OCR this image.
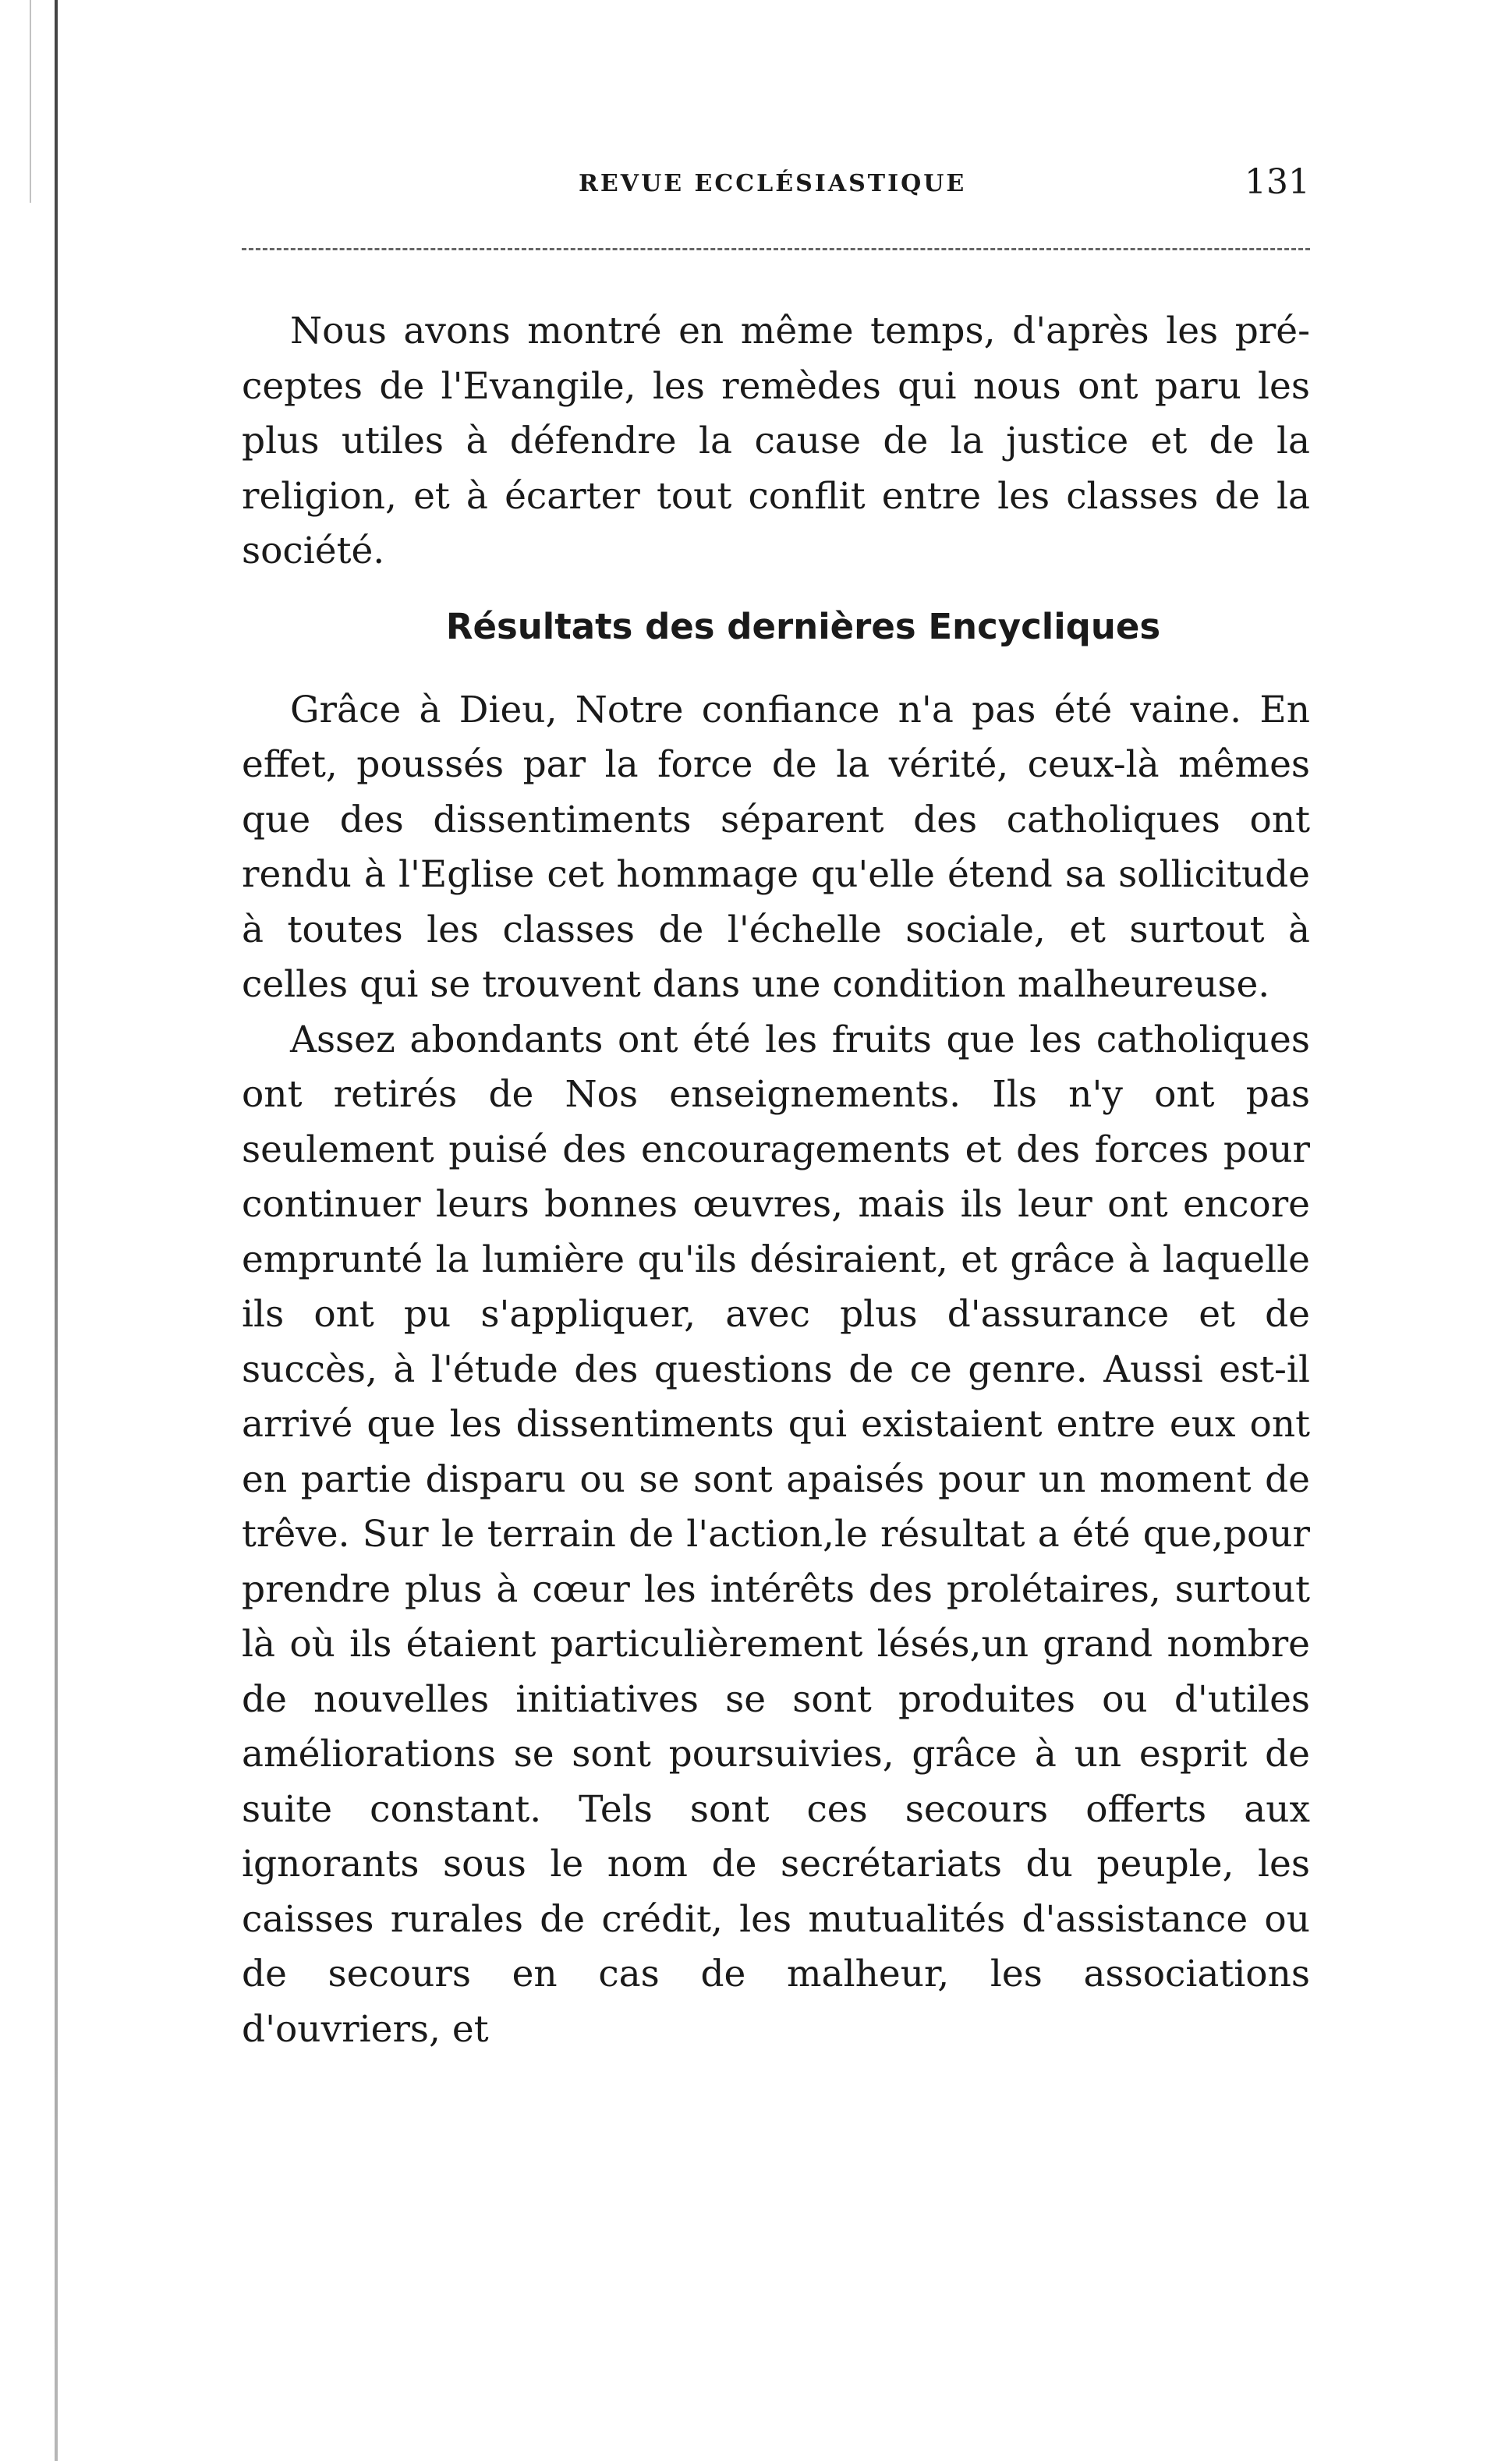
REVUE ECCLÉSIASTIQUE	131

Nous avons montré en même temps, d'après les pré-ceptes de l'Evangile, les remèdes qui nous ont paru les plus utiles à défendre la cause de la justice et de la religion, et à écarter tout conflit entre les classes de la société.

Résultats des dernières Encycliques

Grâce à Dieu, Notre confiance n'a pas été vaine. En effet, poussés par la force de la vérité, ceux-là mêmes que des dissentiments séparent des catholiques ont rendu à l'Eglise cet hommage qu'elle étend sa sollicitude à toutes les classes de l'échelle sociale, et surtout à celles qui se trouvent dans une condition malheureuse.

Assez abondants ont été les fruits que les catholiques ont retirés de Nos enseignements. Ils n'y ont pas seulement puisé des encouragements et des forces pour continuer leurs bonnes œuvres, mais ils leur ont encore emprunté la lumière qu'ils désiraient, et grâce à laquelle ils ont pu s'appliquer, avec plus d'assurance et de succès, à l'étude des questions de ce genre. Aussi est-il arrivé que les dissentiments qui existaient entre eux ont en partie disparu ou se sont apaisés pour un moment de trêve. Sur le terrain de l'action,le résultat a été que,pour prendre plus à cœur les intérêts des prolétaires, surtout là où ils étaient particulièrement lésés,un grand nombre de nouvelles initiatives se sont produites ou d'utiles améliorations se sont poursuivies, grâce à un esprit de suite constant. Tels sont ces secours offerts aux ignorants sous le nom de secrétariats du peuple, les caisses rurales de crédit, les mutualités d'assistance ou de secours en cas de malheur, les associations d'ouvriers, et
